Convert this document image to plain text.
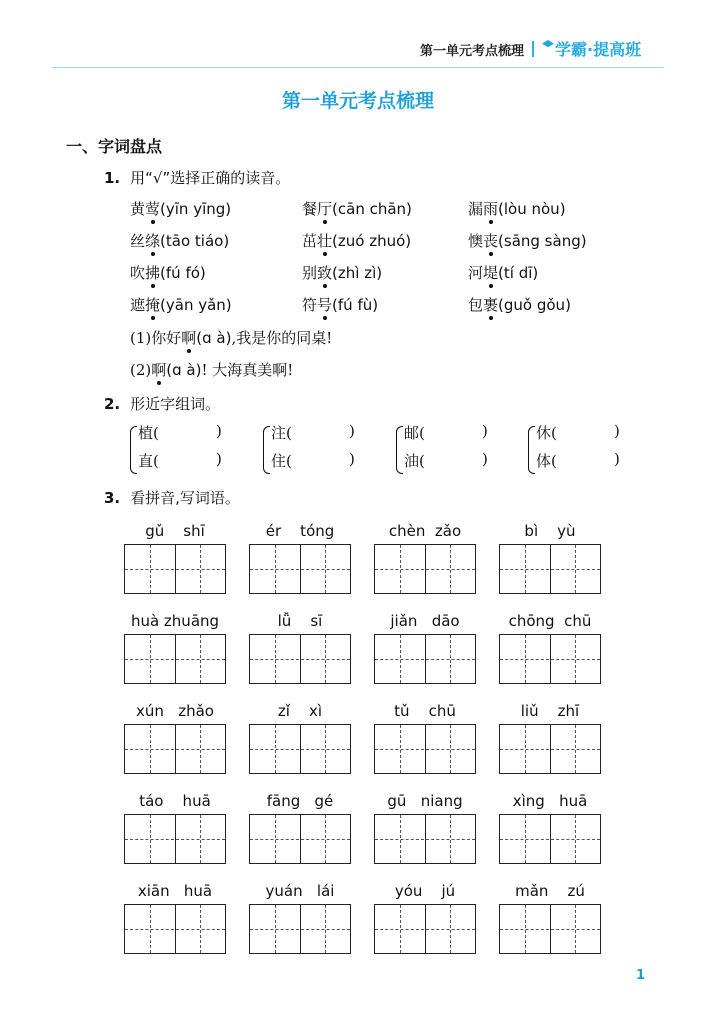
第一单元考点梳理	学霸·提高班
第一单元考点梳理
一、字词盘点
1. 用“√”选择正确的读音。
黄莺(yīn yīng)	餐厅(cān chān)	漏雨(lòu nòu)
丝绦(tāo tiáo)	茁壮(zuó zhuó)	懊丧(sāng sàng)
吹拂(fú fó)	别致(zhì zì)	河堤(tí dī)
遮掩(yān yǎn)	符号(fú fù)	包裹(guǒ gǒu)
(1)你好啊(ɑ à),我是你的同桌!
(2)啊(ɑ à)! 大海真美啊!
2. 形近字组词。
植(	)
直(	)
注(	)
住(	)
邮(	)
油(	)
休(	)
体(	)
3. 看拼音,写词语。
gǔ    shī	ér    tóng	chèn  zǎo	bì    yù
huà zhuāng	lǚ    sī	jiǎn   dāo	chōng  chū
xún   zhǎo	zǐ    xì	tǔ    chū	liǔ    zhī
táo    huā	fāng   gé	gū   niang	xìng   huā
xiān   huā	yuán   lái	yóu    jú	mǎn    zú
1
